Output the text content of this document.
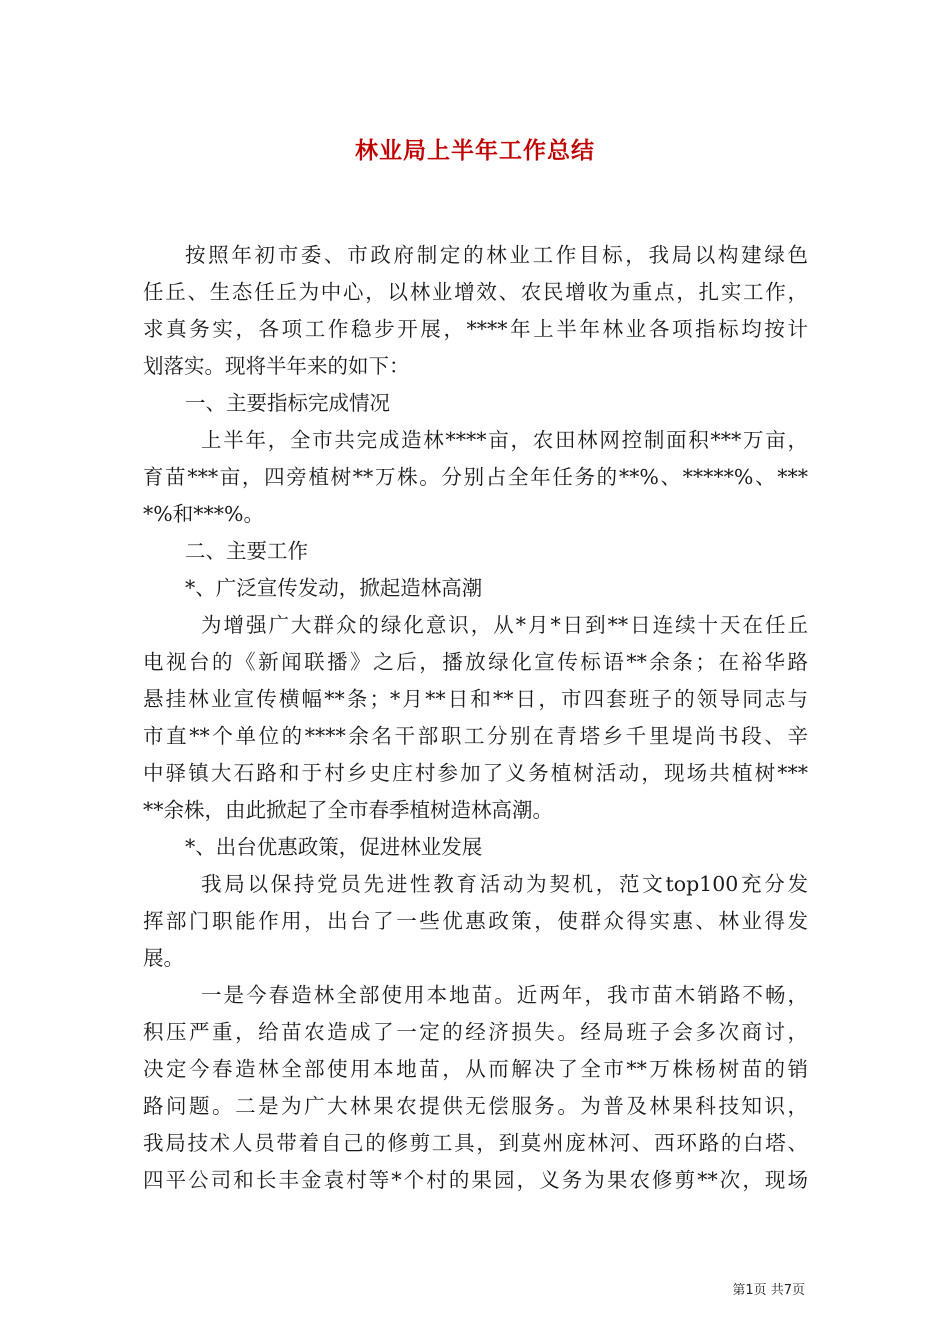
林业局上半年工作总结
按照年初市委、市政府制定的林业工作目标，我局以构建绿色
任丘、生态任丘为中心，以林业增效、农民增收为重点，扎实工作，
求真务实，各项工作稳步开展，****年上半年林业各项指标均按计
划落实。现将半年来的如下：
一、主要指标完成情况
上半年，全市共完成造林****亩，农田林网控制面积***万亩，
育苗***亩，四旁植树**万株。分别占全年任务的**%、*****%、***
*%和***%。
二、主要工作
*、广泛宣传发动，掀起造林高潮
为增强广大群众的绿化意识，从*月*日到**日连续十天在任丘
电视台的《新闻联播》之后，播放绿化宣传标语**余条；在裕华路
悬挂林业宣传横幅**条；*月**日和**日，市四套班子的领导同志与
市直**个单位的****余名干部职工分别在青塔乡千里堤尚书段、辛
中驿镇大石路和于村乡史庄村参加了义务植树活动，现场共植树***
**余株，由此掀起了全市春季植树造林高潮。
*、出台优惠政策，促进林业发展
我局以保持党员先进性教育活动为契机，范文top100充分发
挥部门职能作用，出台了一些优惠政策，使群众得实惠、林业得发
展。
一是今春造林全部使用本地苗。近两年，我市苗木销路不畅，
积压严重，给苗农造成了一定的经济损失。经局班子会多次商讨，
决定今春造林全部使用本地苗，从而解决了全市**万株杨树苗的销
路问题。二是为广大林果农提供无偿服务。为普及林果科技知识，
我局技术人员带着自己的修剪工具，到莫州庞林河、西环路的白塔、
四平公司和长丰金袁村等*个村的果园，义务为果农修剪**次，现场
第1页 共7页
